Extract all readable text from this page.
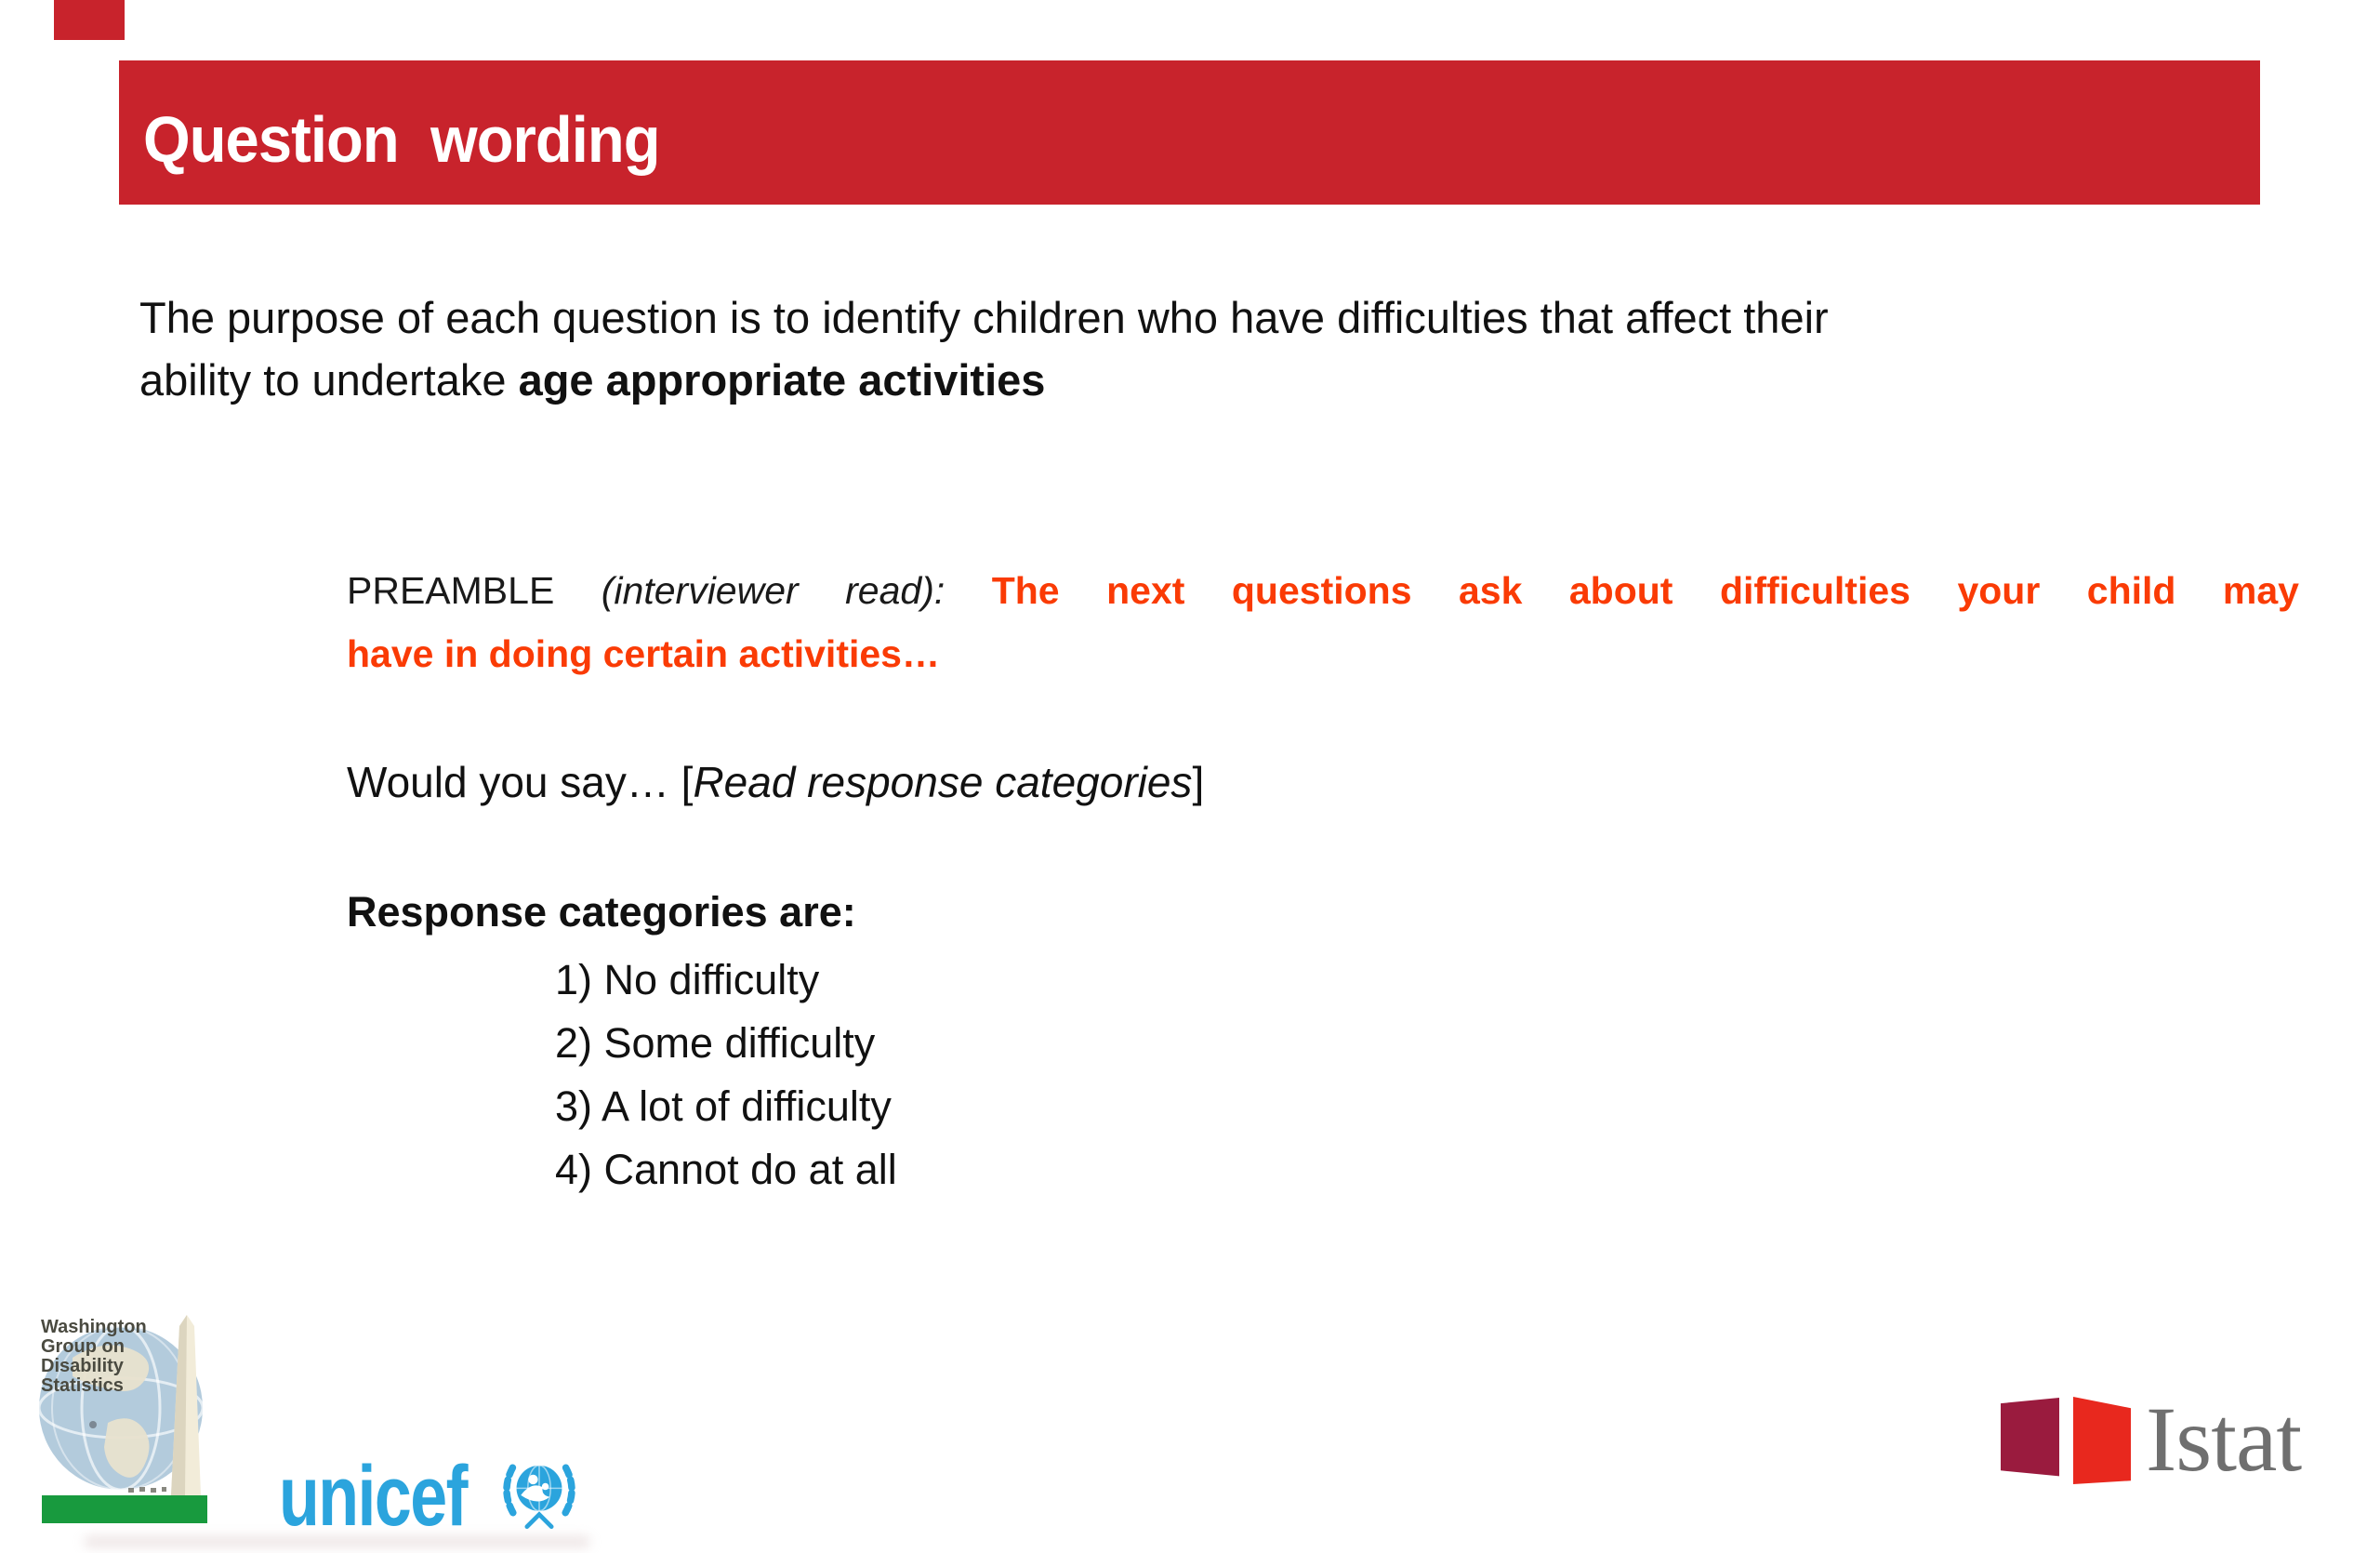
Question  wording

The purpose of each question is to identify children who have difficulties that affect their
ability to undertake age appropriate activities

PREAMBLE (interviewer read): The next questions ask about difficulties your child may
have in doing certain activities…

Would you say… [Read response categories]

Response categories are:
1) No difficulty
2) Some difficulty
3) A lot of difficulty
4) Cannot do at all
Washington
Group on
Disability
Statistics
unicef
Istat
